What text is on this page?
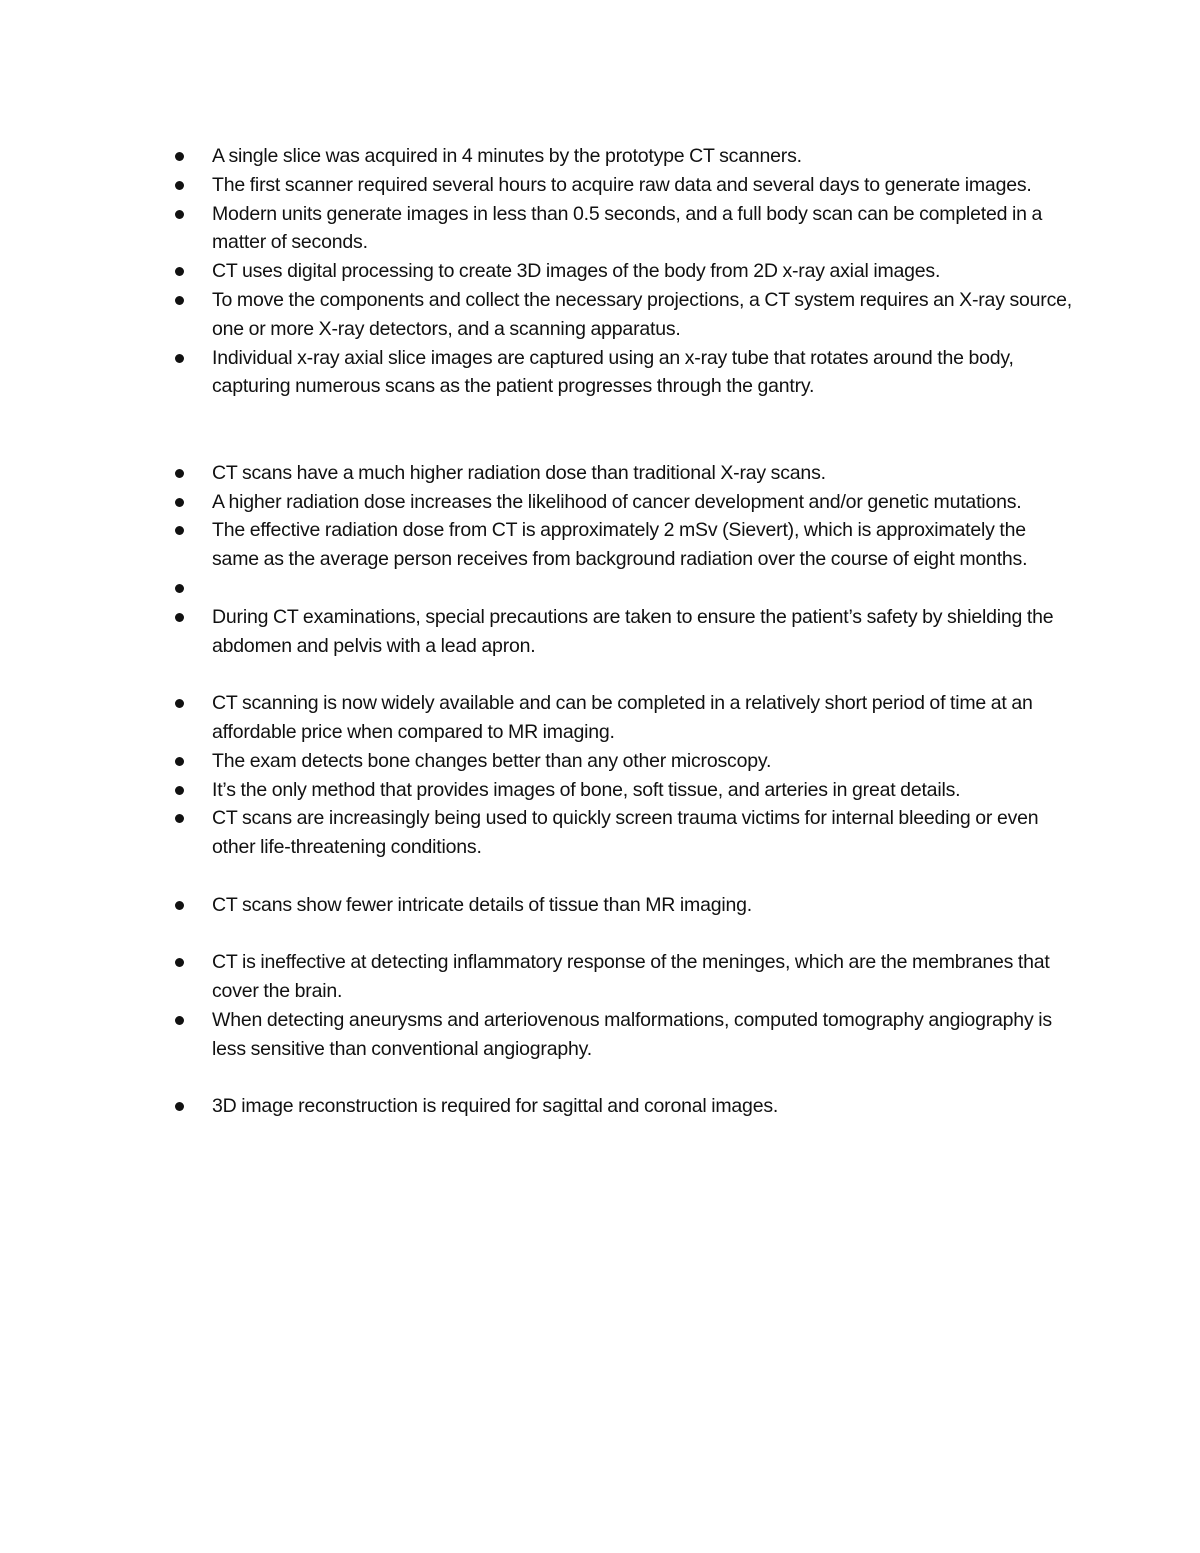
A single slice was acquired in 4 minutes by the prototype CT scanners.
The first scanner required several hours to acquire raw data and several days to generate images.
Modern units generate images in less than 0.5 seconds, and a full body scan can be completed in a matter of seconds.
CT uses digital processing to create 3D images of the body from 2D x-ray axial images.
To move the components and collect the necessary projections, a CT system requires an X-ray source, one or more X-ray detectors, and a scanning apparatus.
Individual x-ray axial slice images are captured using an x-ray tube that rotates around the body, capturing numerous scans as the patient progresses through the gantry.
CT scans have a much higher radiation dose than traditional X-ray scans.
A higher radiation dose increases the likelihood of cancer development and/or genetic mutations.
The effective radiation dose from CT is approximately 2 mSv (Sievert), which is approximately the same as the average person receives from background radiation over the course of eight months.
During CT examinations, special precautions are taken to ensure the patient’s safety by shielding the abdomen and pelvis with a lead apron.
CT scanning is now widely available and can be completed in a relatively short period of time at an affordable price when compared to MR imaging.
The exam detects bone changes better than any other microscopy.
It’s the only method that provides images of bone, soft tissue, and arteries in great details.
CT scans are increasingly being used to quickly screen trauma victims for internal bleeding or even other life-threatening conditions.
CT scans show fewer intricate details of tissue than MR imaging.
CT is ineffective at detecting inflammatory response of the meninges, which are the membranes that cover the brain.
When detecting aneurysms and arteriovenous malformations, computed tomography angiography is less sensitive than conventional angiography.
3D image reconstruction is required for sagittal and coronal images.
